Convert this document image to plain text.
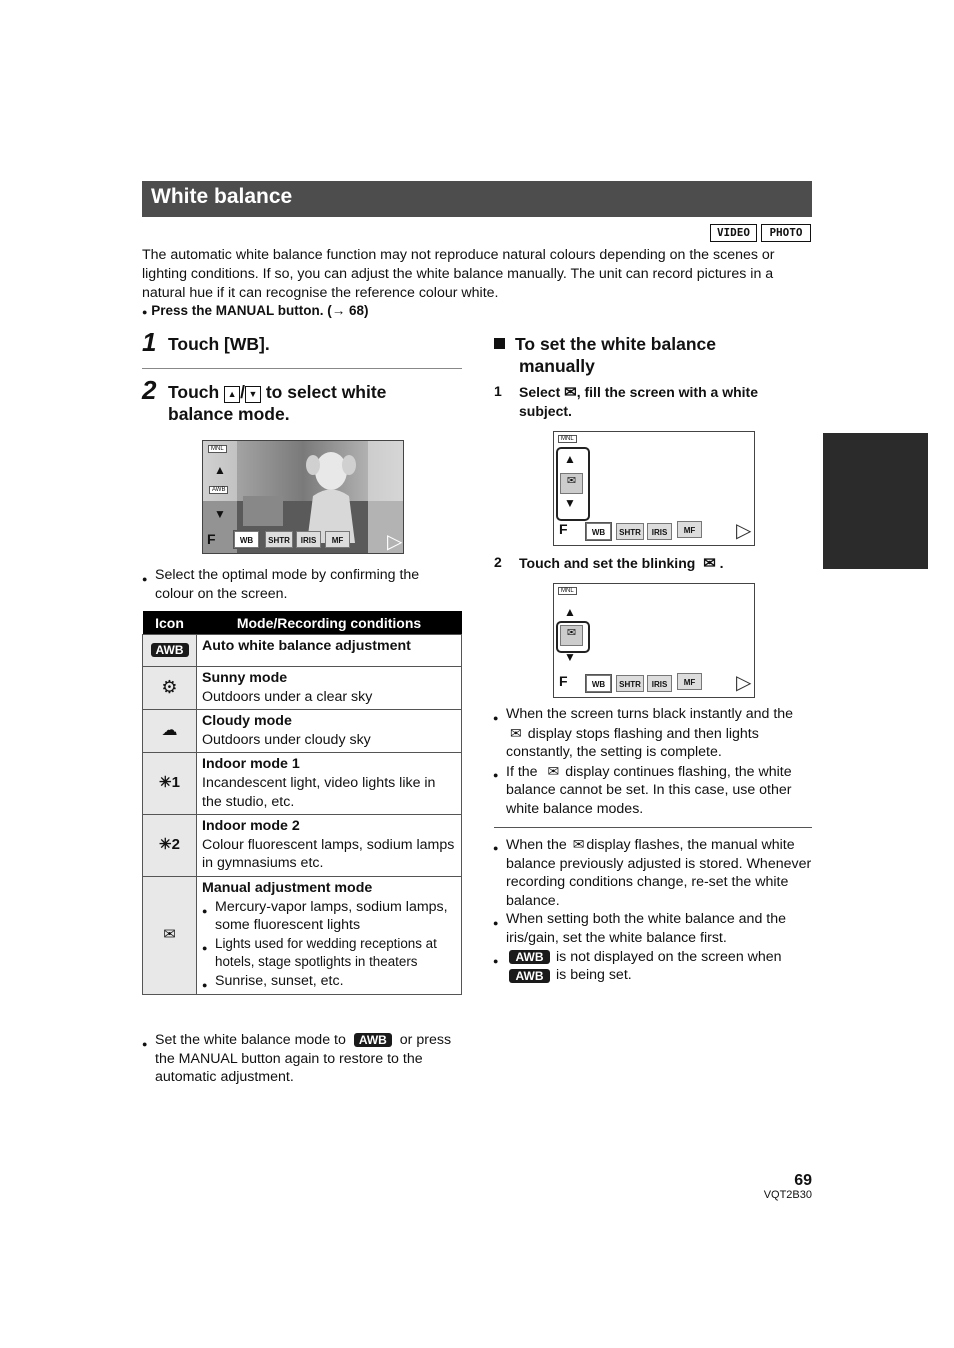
White balance
VIDEO	PHOTO
The automatic white balance function may not reproduce natural colours depending on the scenes or lighting conditions. If so, you can adjust the white balance manually. The unit can record pictures in a natural hue if it can recognise the reference colour white.
● Press the MANUAL button. (→ 68)
1 Touch [WB].
2 Touch ▲ / ▼ to select white
balance mode.
MNL
▲
AWB
▼
F	WB	SHTR	IRIS	MF	▷
Select the optimal mode by confirming the colour on the screen.
Icon	Mode/Recording conditions
AWB	Auto white balance adjustment
⚙	Sunny mode
Outdoors under a clear sky
☁	Cloudy mode
Outdoors under cloudy sky
✳1	Indoor mode 1
Incandescent light, video lights like in the studio, etc.
✳2	Indoor mode 2
Colour fluorescent lamps, sodium lamps in gymnasiums etc.
✉	Manual adjustment mode
Mercury-vapor lamps, sodium lamps, some fluorescent lights
Lights used for wedding receptions at hotels, stage spotlights in theaters
Sunrise, sunset, etc.
Set the white balance mode to AWB or press the MANUAL button again to restore to the automatic adjustment.
To set the white balance
manually
1 Select ✉, fill the screen with a white
subject.
MNL
▲
✉
▼
F	WB	SHTR	IRIS	MF	▷
2 Touch and set the blinking ✉ .
MNL
▲
✉
▼
F	WB	SHTR	IRIS	MF	▷
When the screen turns black instantly and the
✉ display stops flashing and then lights constantly, the setting is complete.
If the ✉ display continues flashing, the white balance cannot be set. In this case, use other white balance modes.
When the ✉ display flashes, the manual white balance previously adjusted is stored. Whenever recording conditions change, re-set the white balance.
When setting both the white balance and the iris/gain, set the white balance first.
AWB is not displayed on the screen when

AWB is being set.
69
VQT2B30
